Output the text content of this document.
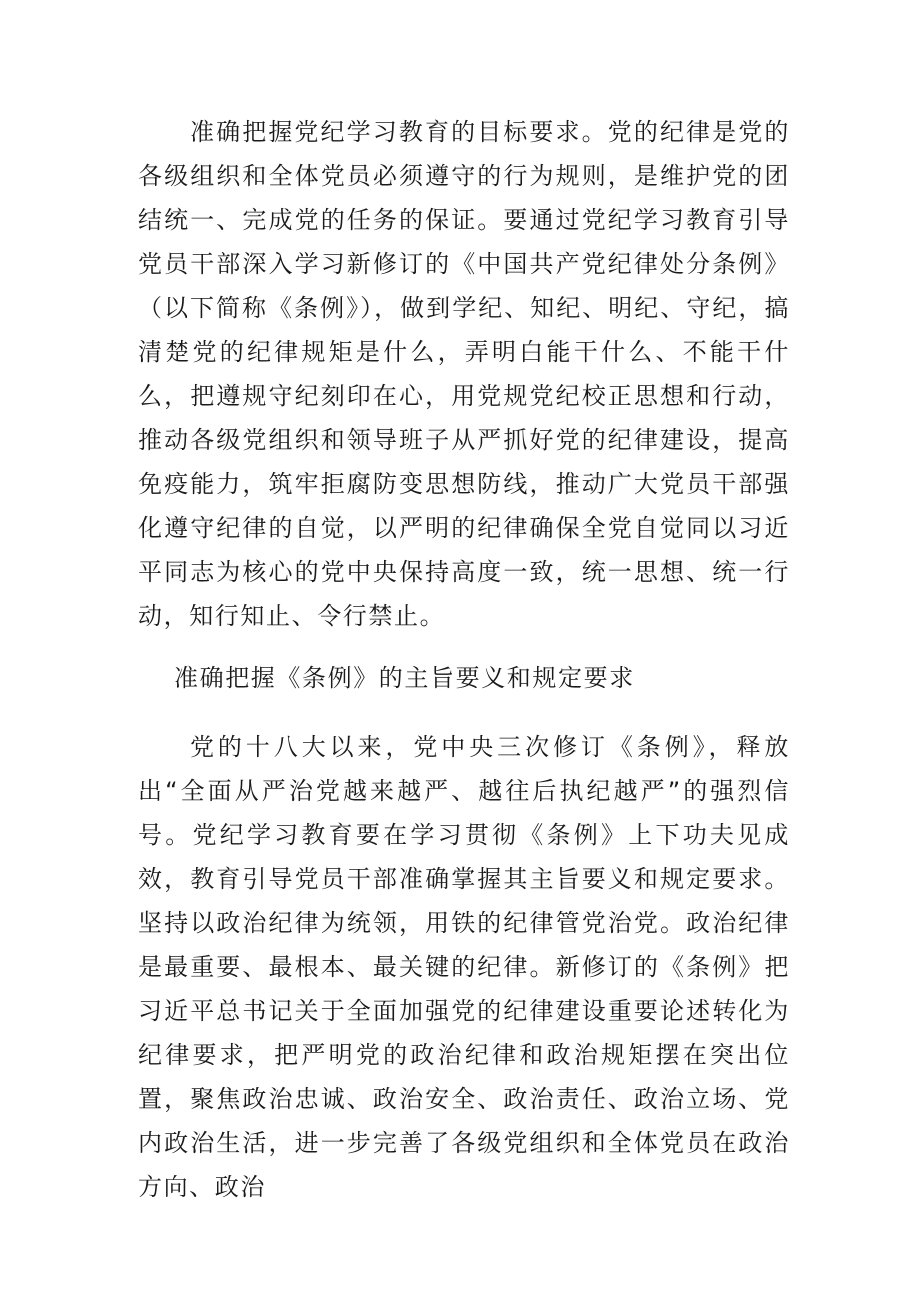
准确把握党纪学习教育的目标要求。党的纪律是党的各级组织和全体党员必须遵守的行为规则，是维护党的团结统一、完成党的任务的保证。要通过党纪学习教育引导党员干部深入学习新修订的《中国共产党纪律处分条例》（以下简称《条例》），做到学纪、知纪、明纪、守纪，搞清楚党的纪律规矩是什么，弄明白能干什么、不能干什么，把遵规守纪刻印在心，用党规党纪校正思想和行动，推动各级党组织和领导班子从严抓好党的纪律建设，提高免疫能力，筑牢拒腐防变思想防线，推动广大党员干部强化遵守纪律的自觉，以严明的纪律确保全党自觉同以习近平同志为核心的党中央保持高度一致，统一思想、统一行动，知行知止、令行禁止。

准确把握《条例》的主旨要义和规定要求

党的十八大以来，党中央三次修订《条例》，释放出“全面从严治党越来越严、越往后执纪越严”的强烈信号。党纪学习教育要在学习贯彻《条例》上下功夫见成效，教育引导党员干部准确掌握其主旨要义和规定要求。坚持以政治纪律为统领，用铁的纪律管党治党。政治纪律是最重要、最根本、最关键的纪律。新修订的《条例》把习近平总书记关于全面加强党的纪律建设重要论述转化为纪律要求，把严明党的政治纪律和政治规矩摆在突出位置，聚焦政治忠诚、政治安全、政治责任、政治立场、党内政治生活，进一步完善了各级党组织和全体党员在政治方向、政治
